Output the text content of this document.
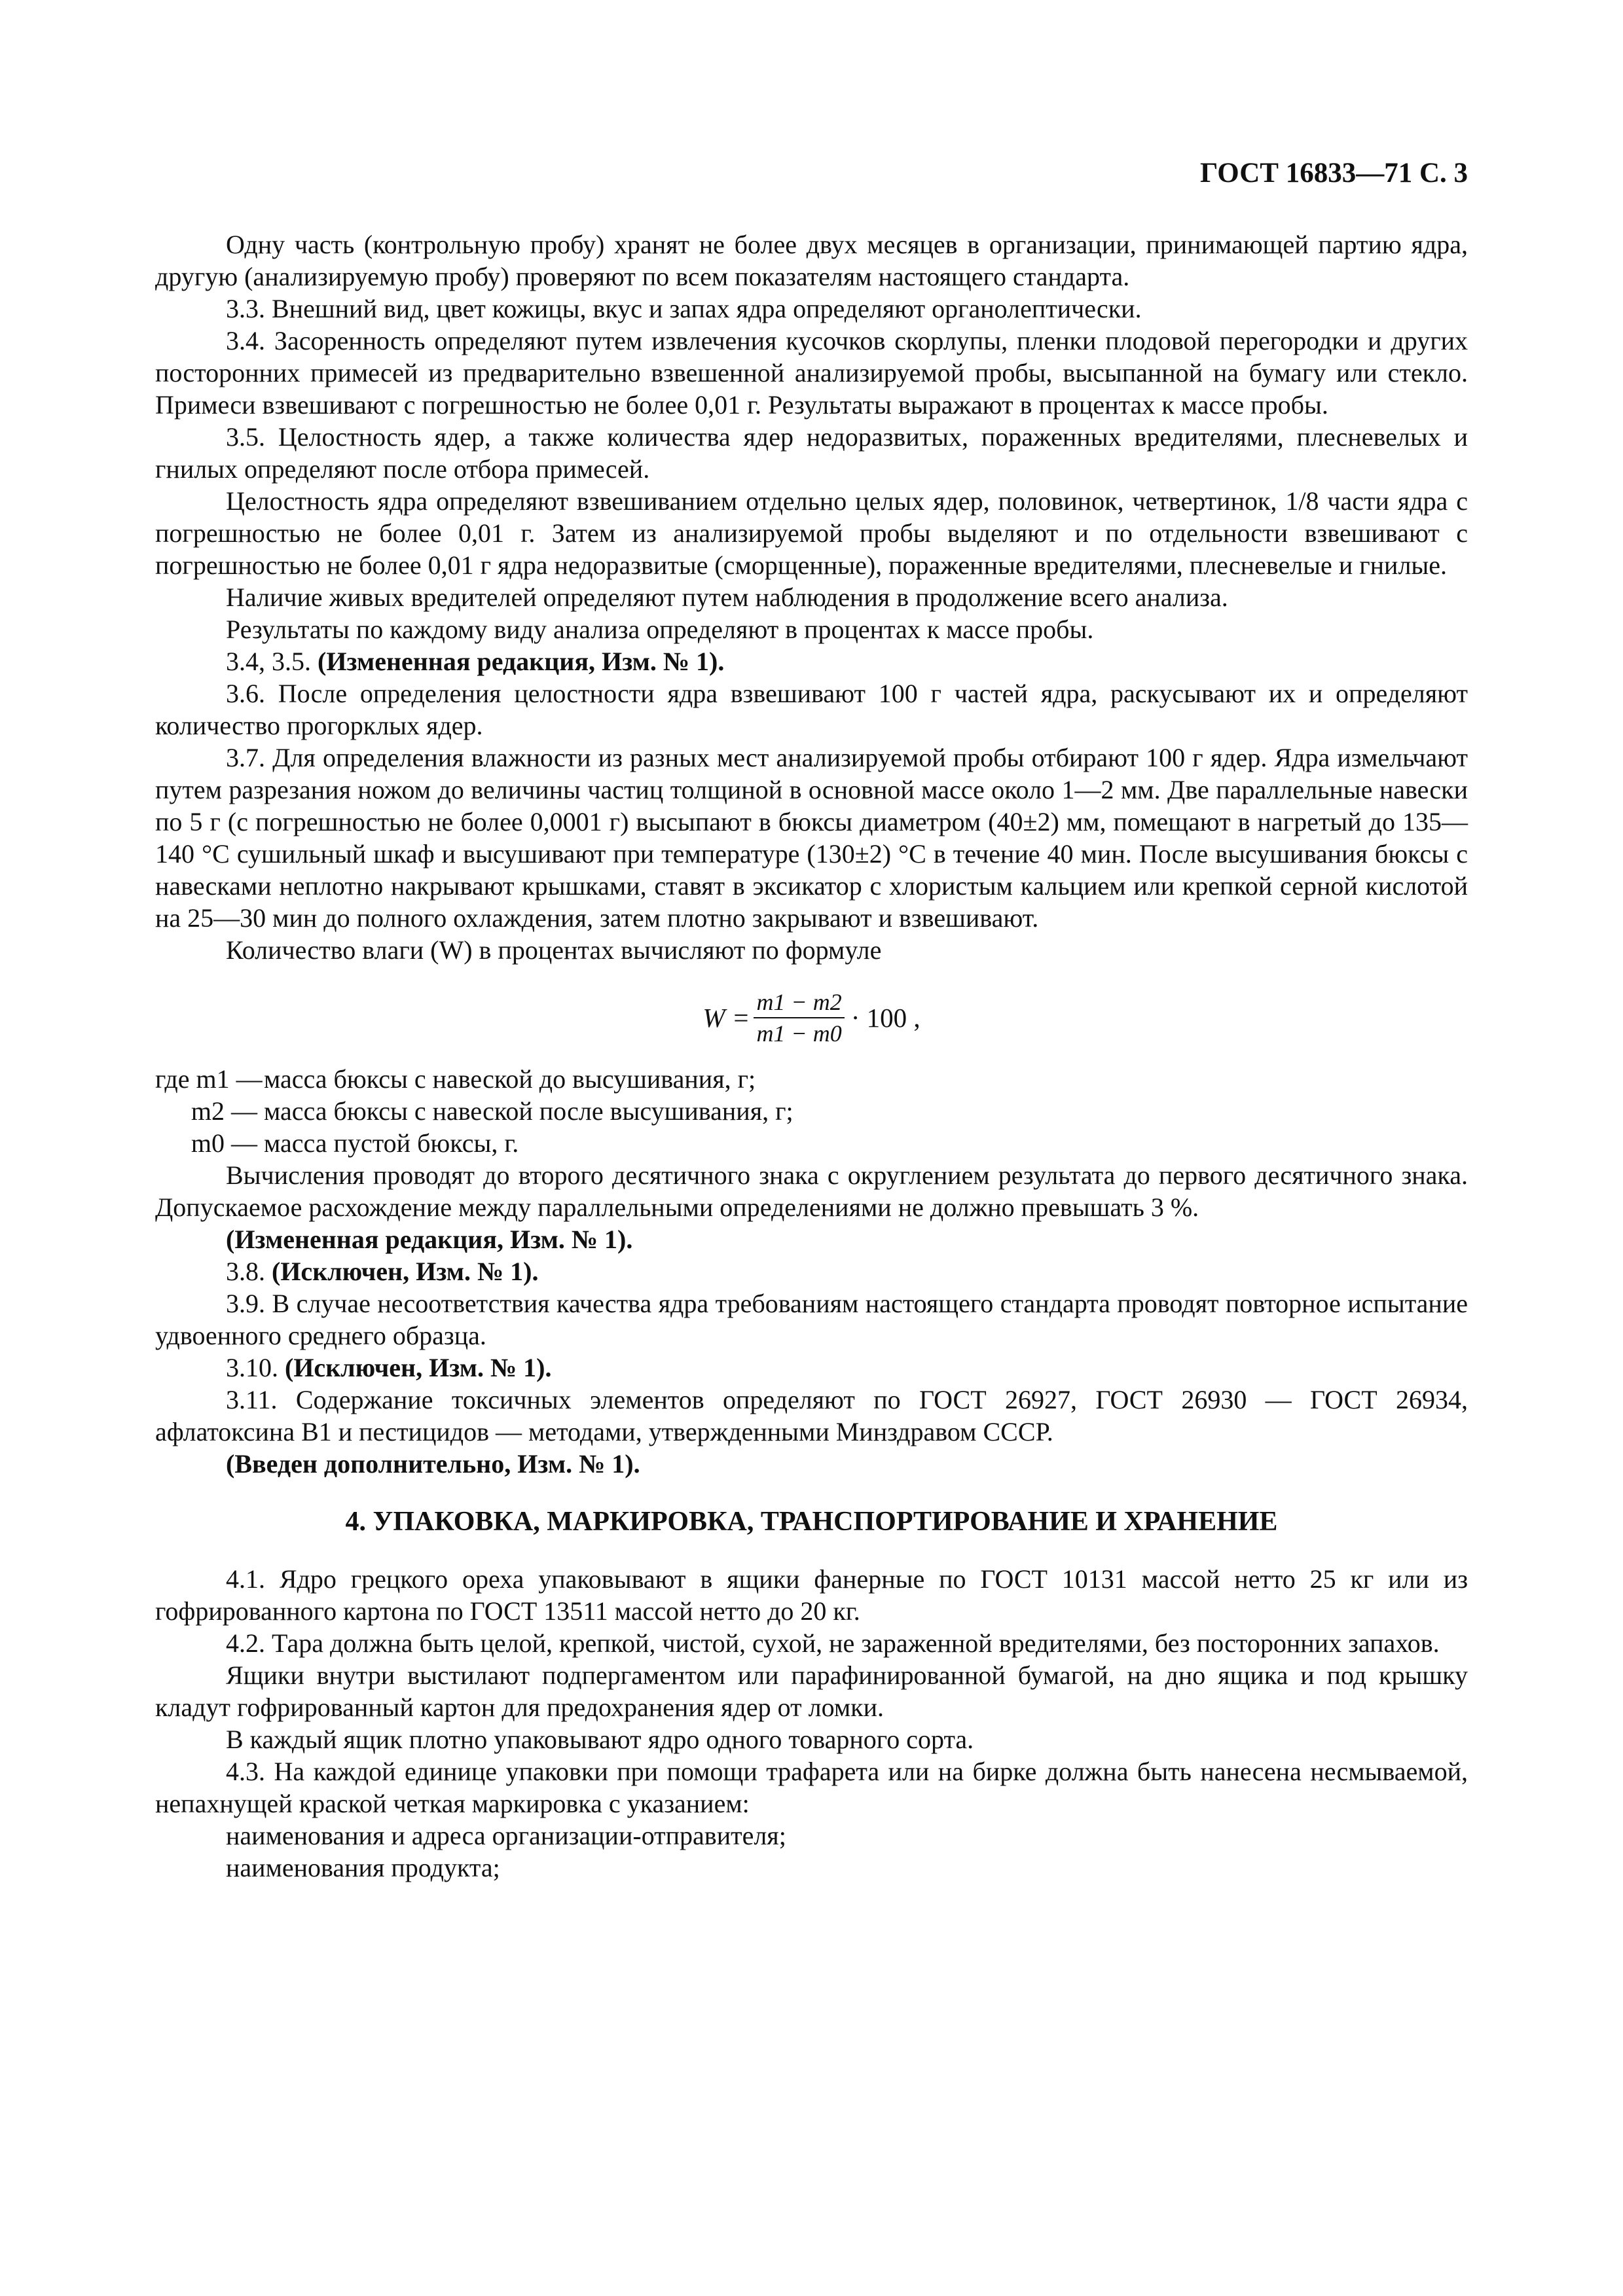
ГОСТ 16833—71 С. 3

Одну часть (контрольную пробу) хранят не более двух месяцев в организации, принимающей партию ядра, другую (анализируемую пробу) проверяют по всем показателям настоящего стандарта.

3.3. Внешний вид, цвет кожицы, вкус и запах ядра определяют органолептически.

3.4. Засоренность определяют путем извлечения кусочков скорлупы, пленки плодовой перегородки и других посторонних примесей из предварительно взвешенной анализируемой пробы, высыпанной на бумагу или стекло. Примеси взвешивают с погрешностью не более 0,01 г. Результаты выражают в процентах к массе пробы.

3.5. Целостность ядер, а также количества ядер недоразвитых, пораженных вредителями, плесневелых и гнилых определяют после отбора примесей.

Целостность ядра определяют взвешиванием отдельно целых ядер, половинок, четвертинок, 1/8 части ядра с погрешностью не более 0,01 г. Затем из анализируемой пробы выделяют и по отдельности взвешивают с погрешностью не более 0,01 г ядра недоразвитые (сморщенные), пораженные вредителями, плесневелые и гнилые.

Наличие живых вредителей определяют путем наблюдения в продолжение всего анализа.

Результаты по каждому виду анализа определяют в процентах к массе пробы.

3.4, 3.5. (Измененная редакция, Изм. № 1).

3.6. После определения целостности ядра взвешивают 100 г частей ядра, раскусывают их и определяют количество прогорклых ядер.

3.7. Для определения влажности из разных мест анализируемой пробы отбирают 100 г ядер. Ядра измельчают путем разрезания ножом до величины частиц толщиной в основной массе около 1—2 мм. Две параллельные навески по 5 г (с погрешностью не более 0,0001 г) высыпают в бюксы диаметром (40±2) мм, помещают в нагретый до 135—140 °С сушильный шкаф и высушивают при температуре (130±2) °С в течение 40 мин. После высушивания бюксы с навесками неплотно накрывают крышками, ставят в эксикатор с хлористым кальцием или крепкой серной кислотой на 25—30 мин до полного охлаждения, затем плотно закрывают и взвешивают.

Количество влаги (W) в процентах вычисляют по формуле

$W = \frac{m1 - m2}{m1 - m0} \cdot 100$ ,
где m1 — масса бюксы с навеской до высушивания, г;
m2 — масса бюксы с навеской после высушивания, г;
m0 — масса пустой бюксы, г.

Вычисления проводят до второго десятичного знака с округлением результата до первого десятичного знака. Допускаемое расхождение между параллельными определениями не должно превышать 3 %.

(Измененная редакция, Изм. № 1).

3.8. (Исключен, Изм. № 1).

3.9. В случае несоответствия качества ядра требованиям настоящего стандарта проводят повторное испытание удвоенного среднего образца.

3.10. (Исключен, Изм. № 1).

3.11. Содержание токсичных элементов определяют по ГОСТ 26927, ГОСТ 26930 — ГОСТ 26934, афлатоксина B1 и пестицидов — методами, утвержденными Минздравом СССР.

(Введен дополнительно, Изм. № 1).

4. УПАКОВКА, МАРКИРОВКА, ТРАНСПОРТИРОВАНИЕ И ХРАНЕНИЕ

4.1. Ядро грецкого ореха упаковывают в ящики фанерные по ГОСТ 10131 массой нетто 25 кг или из гофрированного картона по ГОСТ 13511 массой нетто до 20 кг.

4.2. Тара должна быть целой, крепкой, чистой, сухой, не зараженной вредителями, без посторонних запахов.

Ящики внутри выстилают подпергаментом или парафинированной бумагой, на дно ящика и под крышку кладут гофрированный картон для предохранения ядер от ломки.

В каждый ящик плотно упаковывают ядро одного товарного сорта.

4.3. На каждой единице упаковки при помощи трафарета или на бирке должна быть нанесена несмываемой, непахнущей краской четкая маркировка с указанием:

наименования и адреса организации-отправителя;

наименования продукта;
